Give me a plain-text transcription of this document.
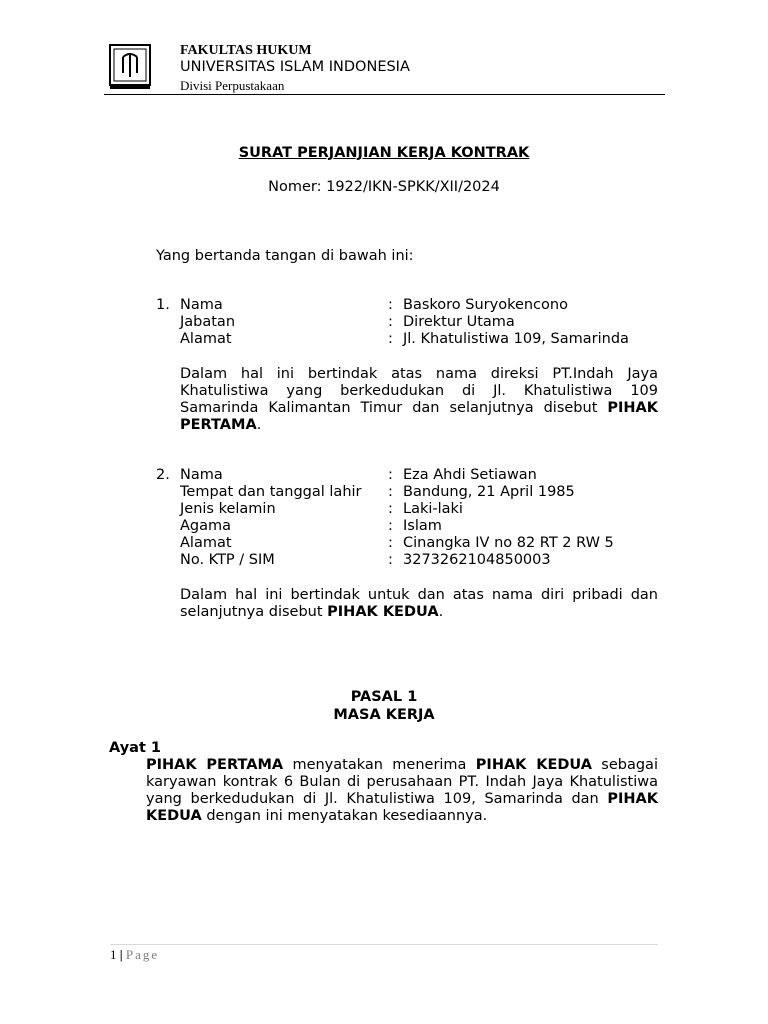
FAKULTAS HUKUM
UNIVERSITAS ISLAM INDONESIA
Divisi Perpustakaan
SURAT PERJANJIAN KERJA KONTRAK
Nomer: 1922/IKN-SPKK/XII/2024
Yang bertanda tangan di bawah ini:
1. Nama	: Baskoro Suryokencono
Jabatan	: Direktur Utama
Alamat	: Jl. Khatulistiwa 109, Samarinda
Dalam hal ini bertindak atas nama direksi PT.Indah Jaya Khatulistiwa yang berkedudukan di Jl. Khatulistiwa 109 Samarinda Kalimantan Timur dan selanjutnya disebut PIHAK PERTAMA.
2. Nama	: Eza Ahdi Setiawan
Tempat dan tanggal lahir : Bandung, 21 April 1985
Jenis kelamin	: Laki-laki
Agama	: Islam
Alamat	: Cinangka IV no 82 RT 2 RW 5
No. KTP / SIM	: 3273262104850003
Dalam hal ini bertindak untuk dan atas nama diri pribadi dan selanjutnya disebut PIHAK KEDUA.
PASAL 1
MASA KERJA
Ayat 1
PIHAK PERTAMA menyatakan menerima PIHAK KEDUA sebagai karyawan kontrak 6 Bulan di perusahaan PT. Indah Jaya Khatulistiwa yang berkedudukan di Jl. Khatulistiwa 109, Samarinda dan PIHAK KEDUA dengan ini menyatakan kesediaannya.
1 | Page
